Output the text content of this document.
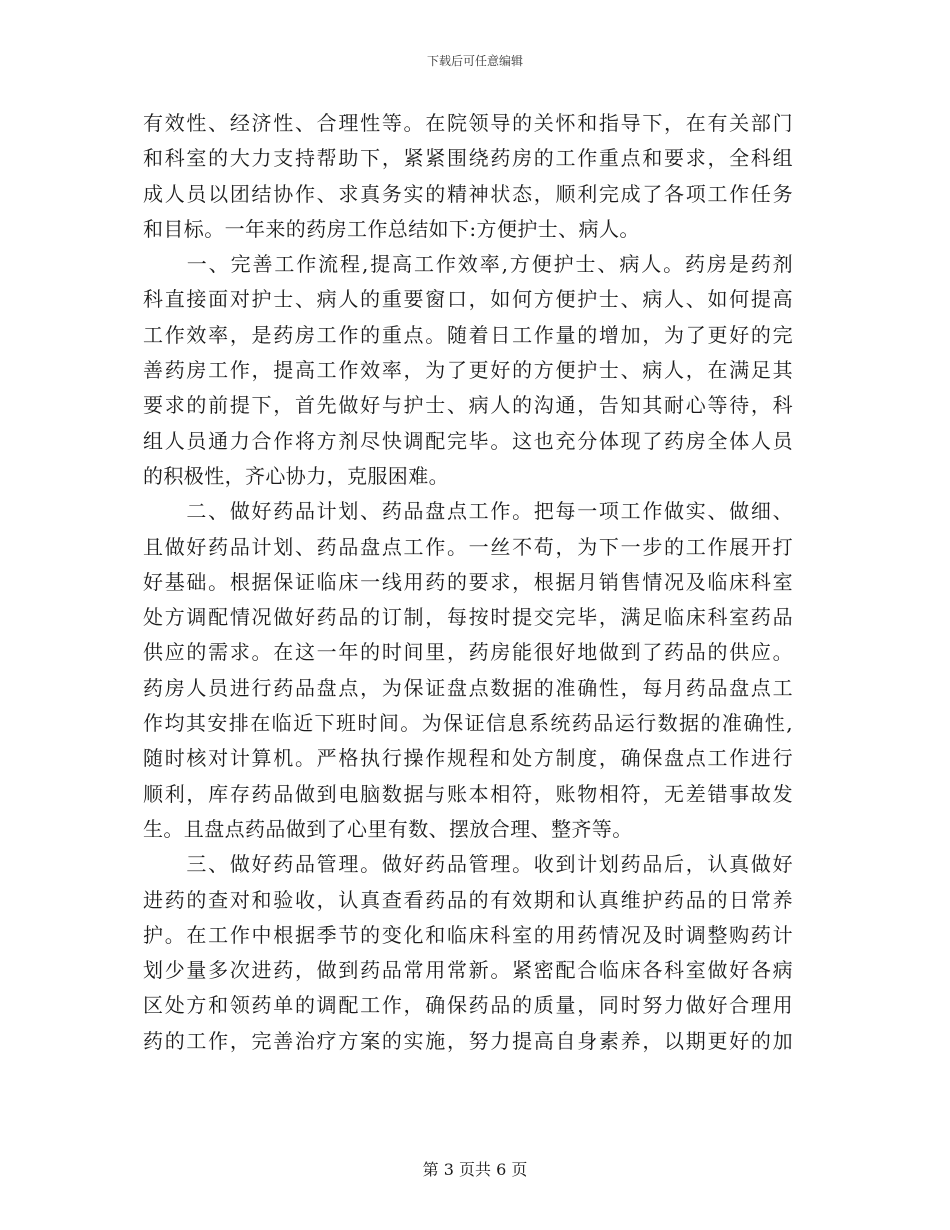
下载后可任意编辑
有效性、经济性、合理性等。在院领导的关怀和指导下，在有关部门
和科室的大力支持帮助下，紧紧围绕药房的工作重点和要求，全科组
成人员以团结协作、求真务实的精神状态，顺利完成了各项工作任务
和目标。一年来的药房工作总结如下:方便护士、病人。
　　一、完善工作流程,提高工作效率,方便护士、病人。药房是药剂
科直接面对护士、病人的重要窗口，如何方便护士、病人、如何提高
工作效率，是药房工作的重点。随着日工作量的增加，为了更好的完
善药房工作，提高工作效率，为了更好的方便护士、病人，在满足其
要求的前提下，首先做好与护士、病人的沟通，告知其耐心等待，科
组人员通力合作将方剂尽快调配完毕。这也充分体现了药房全体人员
的积极性，齐心协力，克服困难。
　　二、做好药品计划、药品盘点工作。把每一项工作做实、做细、
且做好药品计划、药品盘点工作。一丝不苟，为下一步的工作展开打
好基础。根据保证临床一线用药的要求，根据月销售情况及临床科室
处方调配情况做好药品的订制，每按时提交完毕，满足临床科室药品
供应的需求。在这一年的时间里，药房能很好地做到了药品的供应。
药房人员进行药品盘点，为保证盘点数据的准确性，每月药品盘点工
作均其安排在临近下班时间。为保证信息系统药品运行数据的准确性,
随时核对计算机。严格执行操作规程和处方制度，确保盘点工作进行
顺利，库存药品做到电脑数据与账本相符，账物相符，无差错事故发
生。且盘点药品做到了心里有数、摆放合理、整齐等。
　　三、做好药品管理。做好药品管理。收到计划药品后，认真做好
进药的查对和验收，认真查看药品的有效期和认真维护药品的日常养
护。在工作中根据季节的变化和临床科室的用药情况及时调整购药计
划少量多次进药，做到药品常用常新。紧密配合临床各科室做好各病
区处方和领药单的调配工作，确保药品的质量，同时努力做好合理用
药的工作，完善治疗方案的实施，努力提高自身素养，以期更好的加
第 3 页共 6 页
